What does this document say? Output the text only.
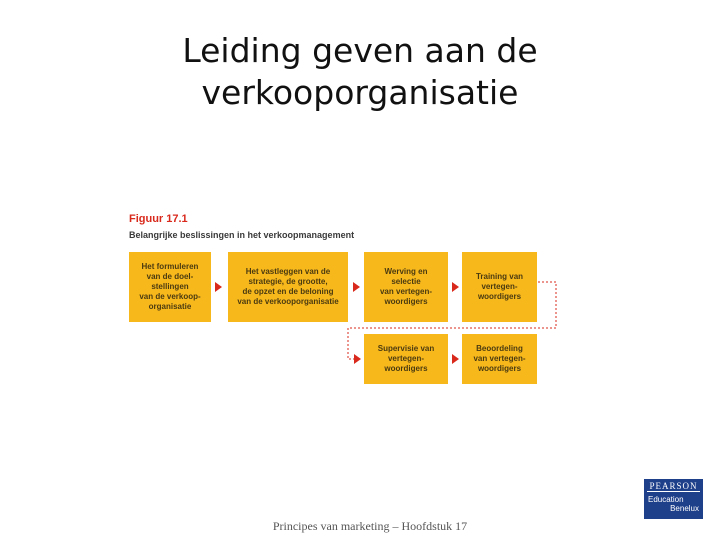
Leiding geven aan de
verkooporganisatie
Figuur 17.1
Belangrijke beslissingen in het verkoopmanagement
Het formuleren
van de doel-
stellingen
van de verkoop-
organisatie
Het vastleggen van de
strategie, de grootte,
de opzet en de beloning
van de verkooporganisatie
Werving en
selectie
van vertegen-
woordigers
Training van
vertegen-
woordigers
Supervisie van
vertegen-
woordigers
Beoordeling
van vertegen-
woordigers
Principes van marketing – Hoofdstuk 17
PEARSON
Education
Benelux
